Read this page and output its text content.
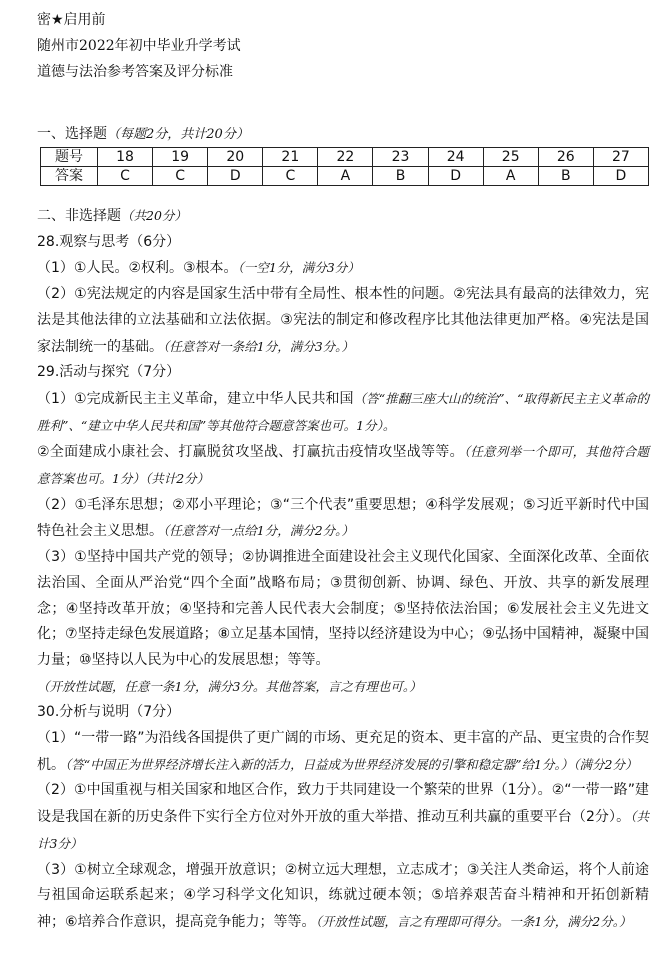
密★启用前
随州市2022年初中毕业升学考试
道德与法治参考答案及评分标准
一、选择题（每题2分，共计20分）
题号	18	19	20	21	22	23	24	25	26	27
答案	C	C	D	C	A	B	D	A	B	D

二、非选择题（共20分）

28.观察与思考（6分）

（1）①人民。②权利。③根本。（一空1分，满分3分）

（2）①宪法规定的内容是国家生活中带有全局性、根本性的问题。②宪法具有最高的法律效力，宪法是其他法律的立法基础和立法依据。③宪法的制定和修改程序比其他法律更加严格。④宪法是国家法制统一的基础。（任意答对一条给1分，满分3分。）

29.活动与探究（7分）

（1）①完成新民主主义革命，建立中华人民共和国（答“推翻三座大山的统治”、“取得新民主主义革命的胜利”、“建立中华人民共和国”等其他符合题意答案也可。1分）。

②全面建成小康社会、打赢脱贫攻坚战、打赢抗击疫情攻坚战等等。（任意列举一个即可，其他符合题意答案也可。1分）（共计2分）

（2）①毛泽东思想；②邓小平理论；③“三个代表”重要思想；④科学发展观；⑤习近平新时代中国特色社会主义思想。（任意答对一点给1分，满分2分。）

（3）①坚持中国共产党的领导；②协调推进全面建设社会主义现代化国家、全面深化改革、全面依法治国、全面从严治党“四个全面”战略布局；③贯彻创新、协调、绿色、开放、共享的新发展理念；④坚持改革开放；④坚持和完善人民代表大会制度；⑤坚持依法治国；⑥发展社会主义先进文化；⑦坚持走绿色发展道路；⑧立足基本国情，坚持以经济建设为中心；⑨弘扬中国精神，凝聚中国力量；⑩坚持以人民为中心的发展思想；等等。

（开放性试题，任意一条1分，满分3分。其他答案，言之有理也可。）

30.分析与说明（7分）

（1）“一带一路”为沿线各国提供了更广阔的市场、更充足的资本、更丰富的产品、更宝贵的合作契机。（答“中国正为世界经济增长注入新的活力，日益成为世界经济发展的引擎和稳定器”给1分。）（满分2分）

（2）①中国重视与相关国家和地区合作，致力于共同建设一个繁荣的世界（1分）。②“一带一路”建设是我国在新的历史条件下实行全方位对外开放的重大举措、推动互利共赢的重要平台（2分）。（共计3分）

（3）①树立全球观念，增强开放意识；②树立远大理想，立志成才；③关注人类命运，将个人前途与祖国命运联系起来；④学习科学文化知识，练就过硬本领；⑤培养艰苦奋斗精神和开拓创新精神；⑥培养合作意识，提高竞争能力；等等。（开放性试题，言之有理即可得分。一条1分，满分2分。）
